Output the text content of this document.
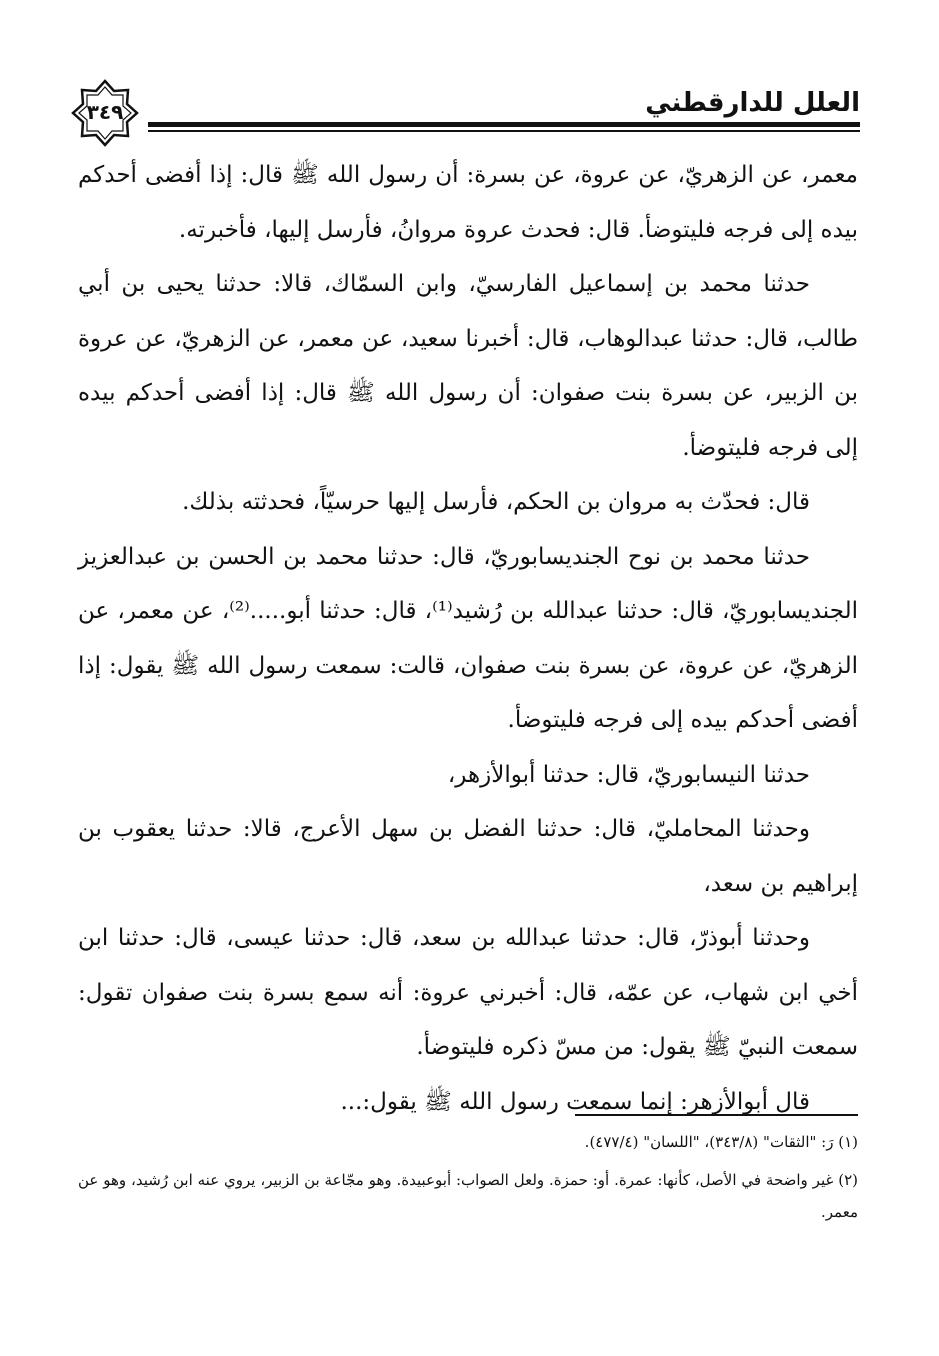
العلل للدارقطني
٣٤٩

معمر، عن الزهريّ، عن عروة، عن بسرة: أن رسول الله ﷺ قال: إذا أفضى أحدكم بيده إلى فرجه فليتوضأ. قال: فحدث عروة مروانُ، فأرسل إليها، فأخبرته.

حدثنا محمد بن إسماعيل الفارسيّ، وابن السمّاك، قالا: حدثنا يحيى بن أبي طالب، قال: حدثنا عبدالوهاب، قال: أخبرنا سعيد، عن معمر، عن الزهريّ، عن عروة بن الزبير، عن بسرة بنت صفوان: أن رسول الله ﷺ قال: إذا أفضى أحدكم بيده إلى فرجه فليتوضأ.

قال: فحدّث به مروان بن الحكم، فأرسل إليها حرسيّاً، فحدثته بذلك.

حدثنا محمد بن نوح الجنديسابوريّ، قال: حدثنا محمد بن الحسن بن عبدالعزيز الجنديسابوريّ، قال: حدثنا عبدالله بن رُشيد⁽¹⁾، قال: حدثنا أبو.....⁽²⁾، عن معمر، عن الزهريّ، عن عروة، عن بسرة بنت صفوان، قالت: سمعت رسول الله ﷺ يقول: إذا أفضى أحدكم بيده إلى فرجه فليتوضأ.

حدثنا النيسابوريّ، قال: حدثنا أبوالأزهر،

وحدثنا المحامليّ، قال: حدثنا الفضل بن سهل الأعرج، قالا: حدثنا يعقوب بن إبراهيم بن سعد،

وحدثنا أبوذرّ، قال: حدثنا عبدالله بن سعد، قال: حدثنا عيسى، قال: حدثنا ابن أخي ابن شهاب، عن عمّه، قال: أخبرني عروة: أنه سمع بسرة بنت صفوان تقول: سمعت النبيّ ﷺ يقول: من مسّ ذكره فليتوضأ.

قال أبوالأزهر: إنما سمعت رسول الله ﷺ يقول:...

(١) رَ: "الثقات" (٣٤٣/٨)، "اللسان" (٤٧٧/٤).

(٢) غير واضحة في الأصل، كأنها: عمرة. أو: حمزة. ولعل الصواب: أبوعبيدة. وهو مجّاعة بن الزبير، يروي عنه ابن رُشيد، وهو عن معمر.
